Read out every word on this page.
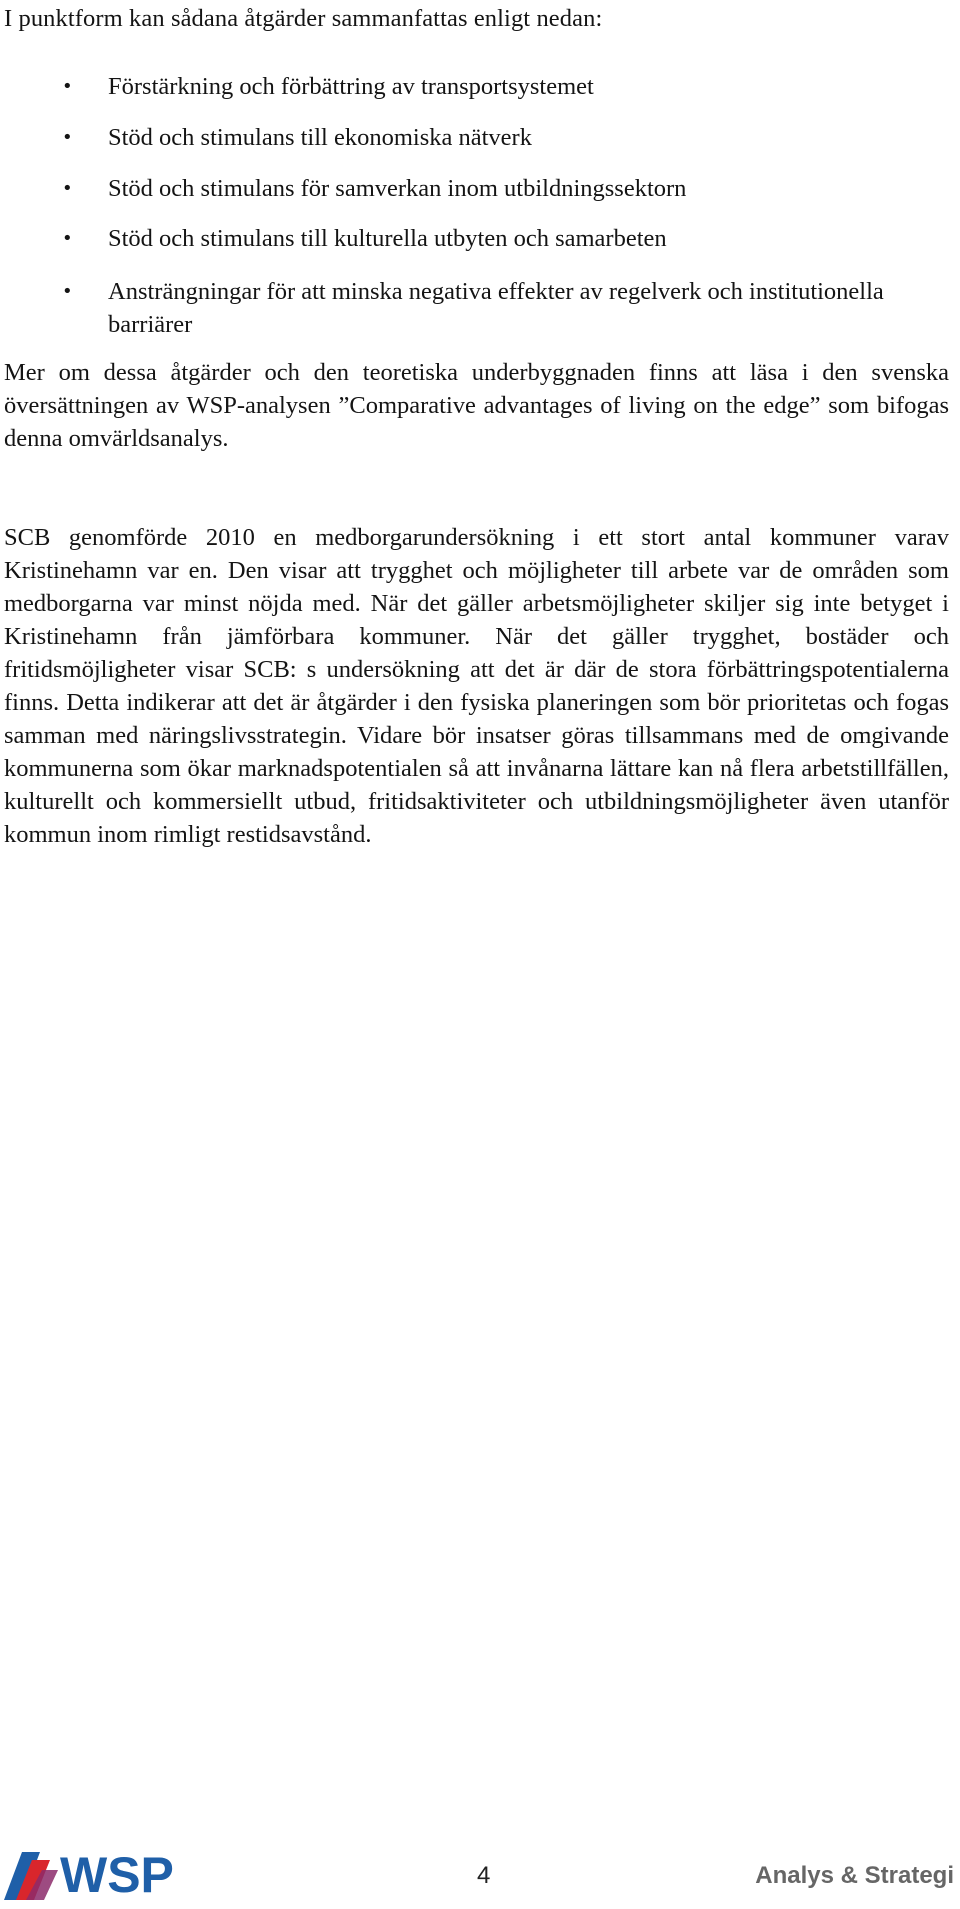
I punktform kan sådana åtgärder sammanfattas enligt nedan:

• Förstärkning och förbättring av transportsystemet
• Stöd och stimulans till ekonomiska nätverk
• Stöd och stimulans för samverkan inom utbildningssektorn
• Stöd och stimulans till kulturella utbyten och samarbeten
• Ansträngningar för att minska negativa effekter av regelverk och institutionella barriärer

Mer om dessa åtgärder och den teoretiska underbyggnaden finns att läsa i den svenska översättningen av WSP-analysen ”Comparative advantages of living on the edge” som bifogas denna omvärldsanalys.

SCB genomförde 2010 en medborgarundersökning i ett stort antal kommuner varav Kristinehamn var en. Den visar att trygghet och möjligheter till arbete var de områden som medborgarna var minst nöjda med. När det gäller arbetsmöjligheter skiljer sig inte betyget i Kristinehamn från jämförbara kommuner. När det gäller trygghet, bostäder och fritidsmöjligheter visar SCB: s undersökning att det är där de stora förbättringspotentialerna finns. Detta indikerar att det är åtgärder i den fysiska planeringen som bör prioritetas och fogas samman med näringslivsstrategin. Vidare bör insatser göras tillsammans med de omgivande kommunerna som ökar marknadspotentialen så att invånarna lättare kan nå flera arbetstillfällen, kulturellt och kommersiellt utbud, fritidsaktiviteter och utbildningsmöjligheter även utanför kommun inom rimligt restidsavstånd.

WSP	4	Analys & Strategi
